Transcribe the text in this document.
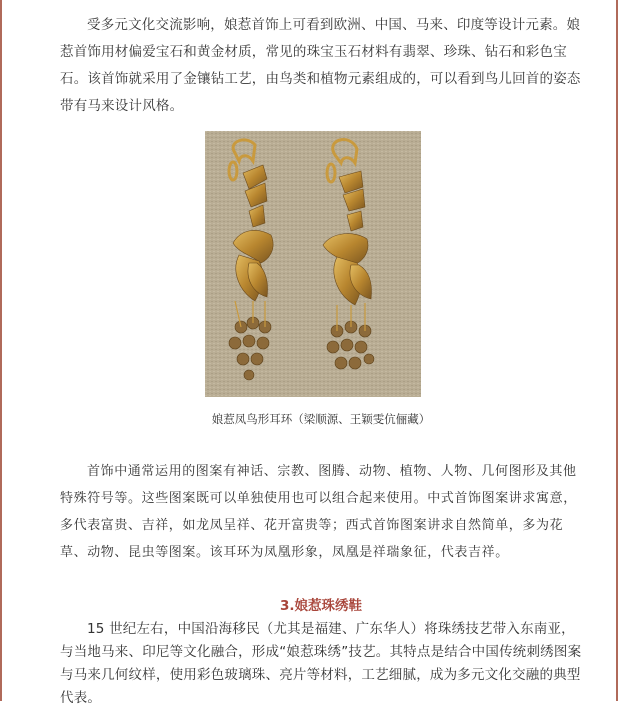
受多元文化交流影响，娘惹首饰上可看到欧洲、中国、马来、印度等设计元素。娘惹首饰用材偏爱宝石和黄金材质，常见的珠宝玉石材料有翡翠、珍珠、钻石和彩色宝石。该首饰就采用了金镶钻工艺，由鸟类和植物元素组成的，可以看到鸟儿回首的姿态带有马来设计风格。

娘惹凤鸟形耳环（梁顺源、王颖雯伉俪藏）

首饰中通常运用的图案有神话、宗教、图腾、动物、植物、人物、几何图形及其他特殊符号等。这些图案既可以单独使用也可以组合起来使用。中式首饰图案讲求寓意，多代表富贵、吉祥，如龙凤呈祥、花开富贵等；西式首饰图案讲求自然简单，多为花草、动物、昆虫等图案。该耳环为凤凰形象，凤凰是祥瑞象征，代表吉祥。

3.娘惹珠绣鞋

15 世纪左右，中国沿海移民（尤其是福建、广东华人）将珠绣技艺带入东南亚，与当地马来、印尼等文化融合，形成“娘惹珠绣”技艺。其特点是结合中国传统刺绣图案与马来几何纹样，使用彩色玻璃珠、亮片等材料，工艺细腻，成为多元文化交融的典型代表。
